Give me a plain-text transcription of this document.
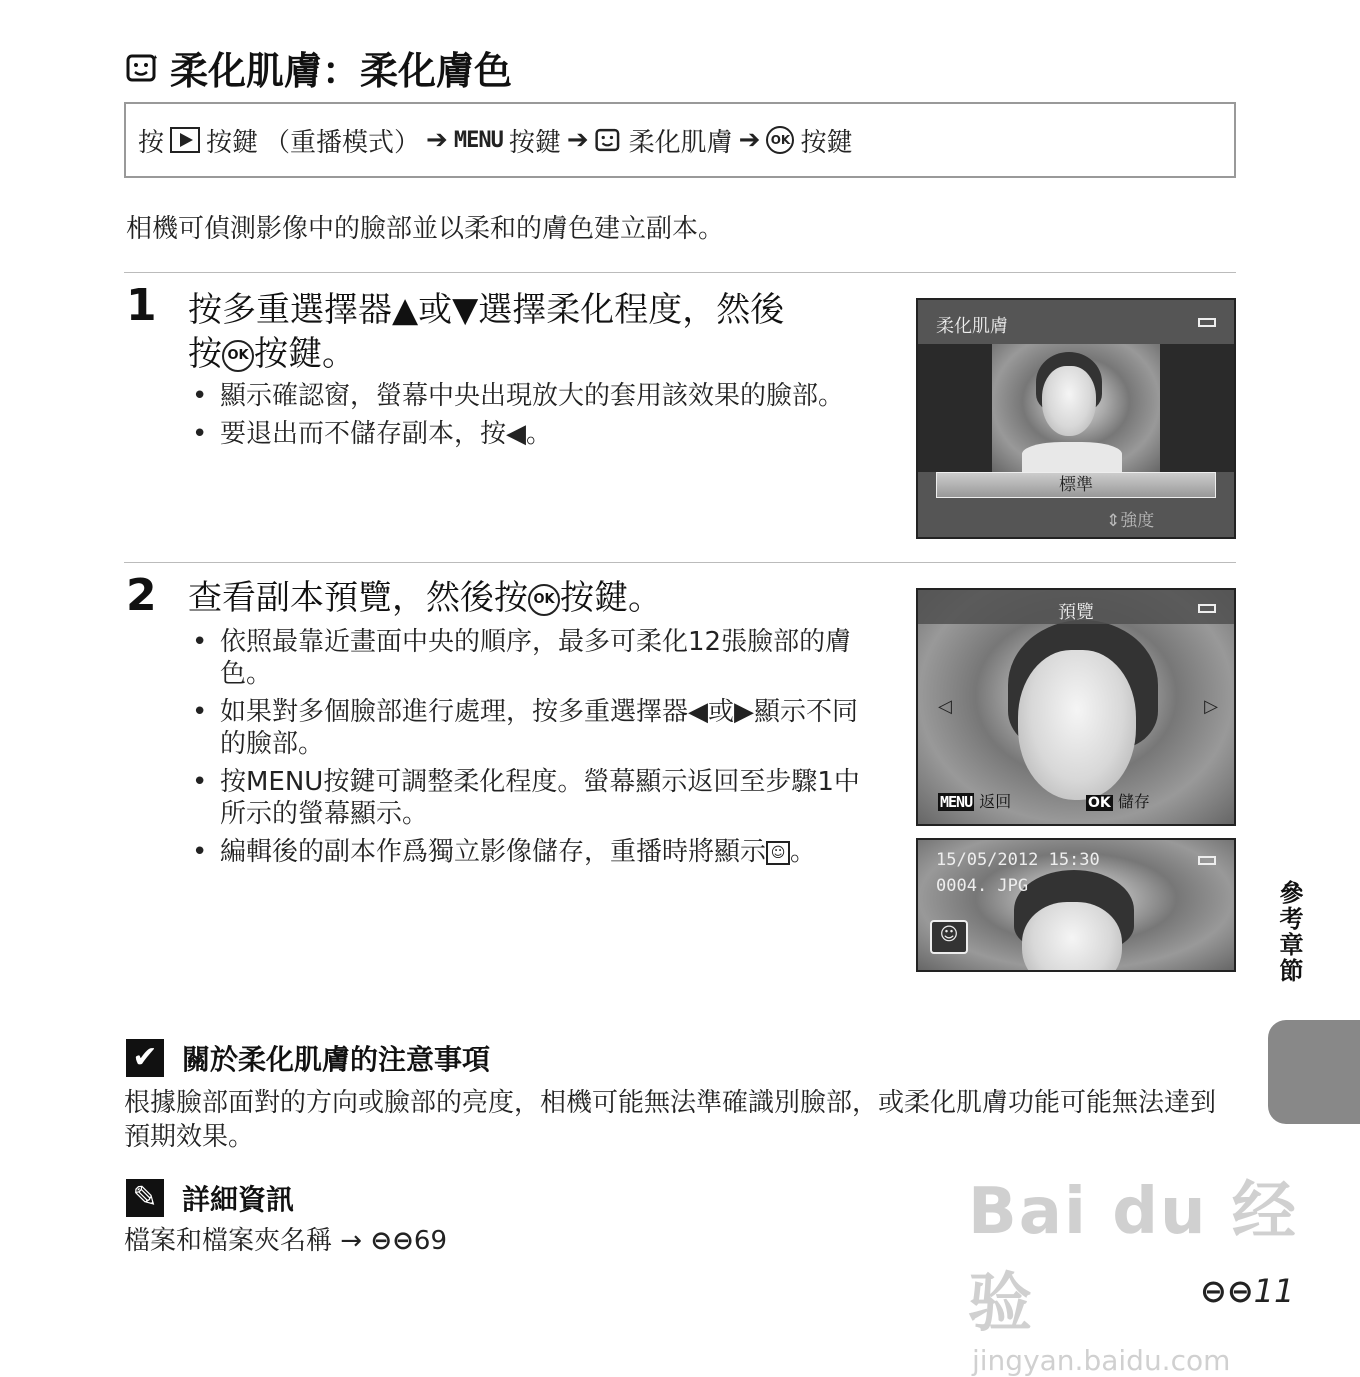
柔化肌膚：柔化膚色
按 按鍵 （重播模式） ➔ MENU 按鍵 ➔ 柔化肌膚 ➔ OK 按鍵
相機可偵測影像中的臉部並以柔和的膚色建立副本。
1 按多重選擇器▲或▼選擇柔化程度，然後
按 OK 按鍵。
• 顯示確認窗，螢幕中央出現放大的套用該效果的臉部。
• 要退出而不儲存副本，按◀。
柔化肌膚
標準
⇕強度
2 查看副本預覽，然後按 OK 按鍵。
• 依照最靠近畫面中央的順序，最多可柔化12張臉部的膚色。
• 如果對多個臉部進行處理，按多重選擇器◀或▶顯示不同的臉部。
• 按MENU按鍵可調整柔化程度。螢幕顯示返回至步驟1中所示的螢幕顯示。
• 編輯後的副本作爲獨立影像儲存，重播時將顯示 ☺ 。
預覽
◁	▷
MENU 返回	OK 儲存
15/05/2012 15:30
0004. JPG
☺	參考章節
✔ 關於柔化肌膚的注意事項
根據臉部面對的方向或臉部的亮度，相機可能無法準確識別臉部，或柔化肌膚功能可能無法達到預期效果。
✎ 詳細資訊
檔案和檔案夾名稱 → ⊖⊖69	Bai du 经验
jingyan.baidu.com
⊖⊖11
